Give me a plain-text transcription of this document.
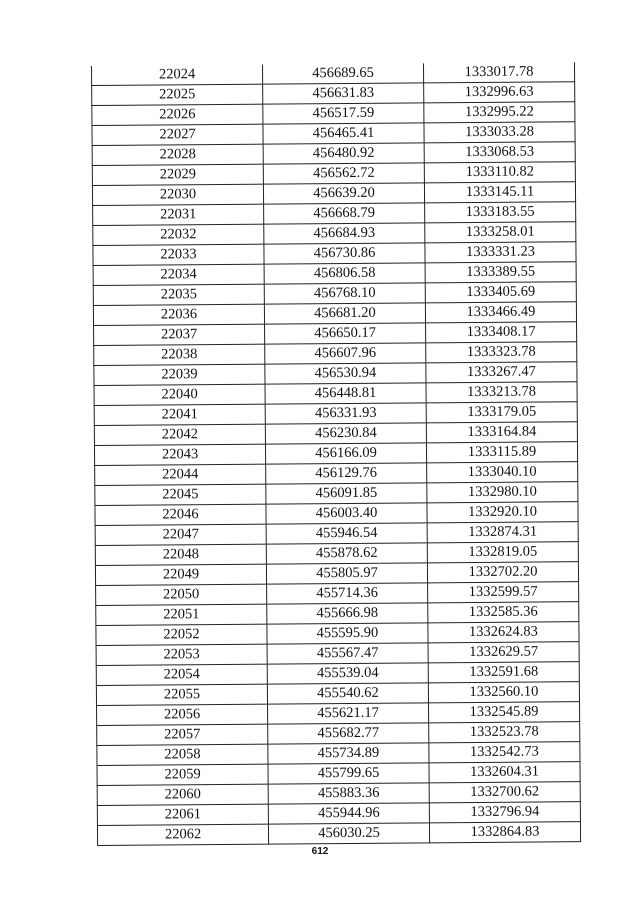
22024	456689.65	1333017.78
22025	456631.83	1332996.63
22026	456517.59	1332995.22
22027	456465.41	1333033.28
22028	456480.92	1333068.53
22029	456562.72	1333110.82
22030	456639.20	1333145.11
22031	456668.79	1333183.55
22032	456684.93	1333258.01
22033	456730.86	1333331.23
22034	456806.58	1333389.55
22035	456768.10	1333405.69
22036	456681.20	1333466.49
22037	456650.17	1333408.17
22038	456607.96	1333323.78
22039	456530.94	1333267.47
22040	456448.81	1333213.78
22041	456331.93	1333179.05
22042	456230.84	1333164.84
22043	456166.09	1333115.89
22044	456129.76	1333040.10
22045	456091.85	1332980.10
22046	456003.40	1332920.10
22047	455946.54	1332874.31
22048	455878.62	1332819.05
22049	455805.97	1332702.20
22050	455714.36	1332599.57
22051	455666.98	1332585.36
22052	455595.90	1332624.83
22053	455567.47	1332629.57
22054	455539.04	1332591.68
22055	455540.62	1332560.10
22056	455621.17	1332545.89
22057	455682.77	1332523.78
22058	455734.89	1332542.73
22059	455799.65	1332604.31
22060	455883.36	1332700.62
22061	455944.96	1332796.94
22062	456030.25	1332864.83
612
